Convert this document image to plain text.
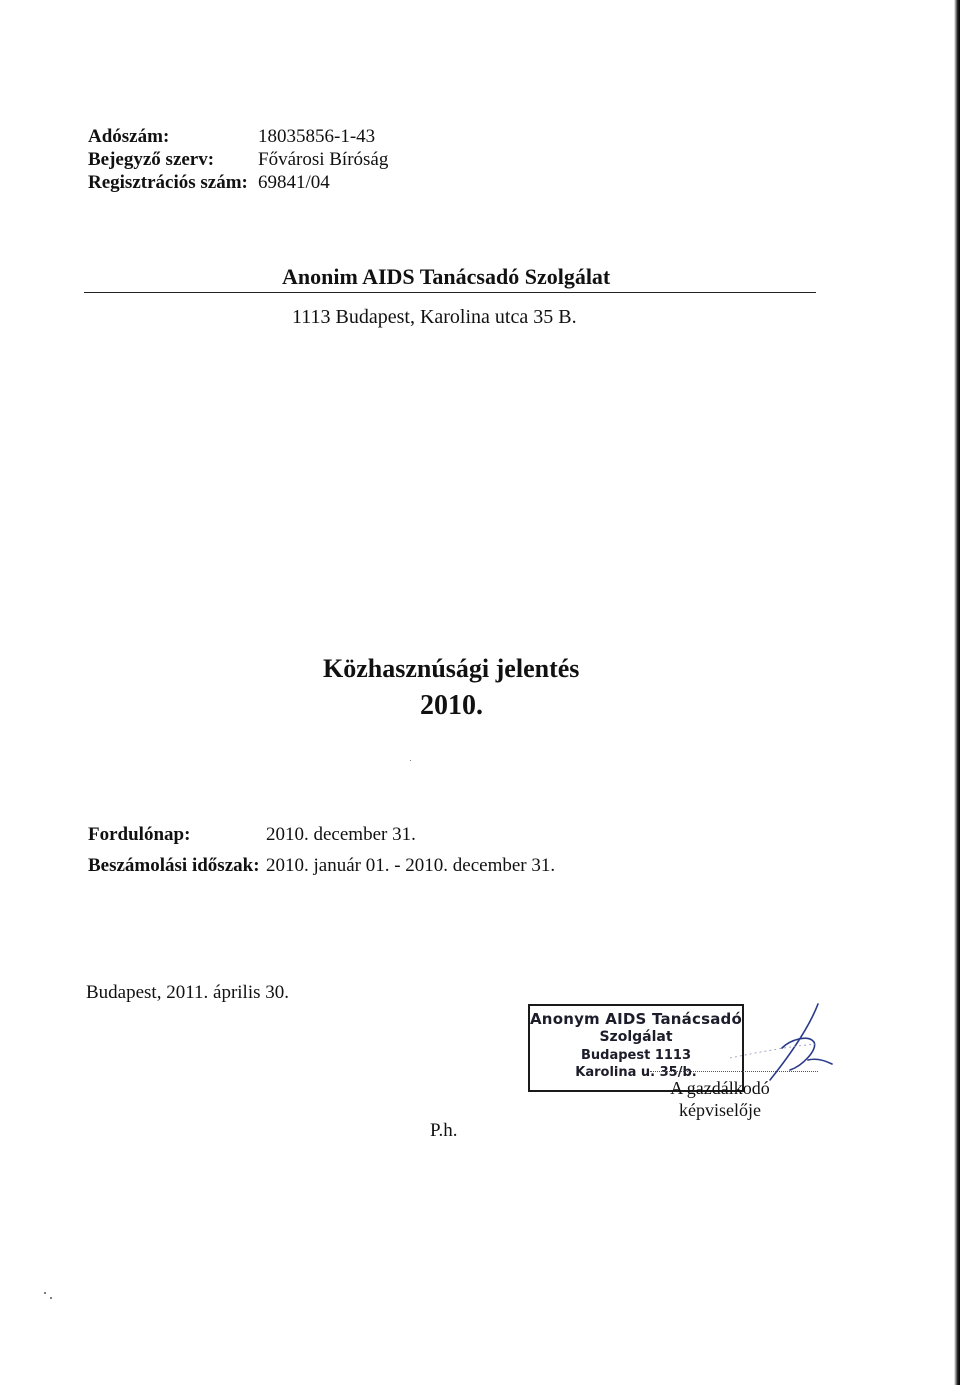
Adószám:	18035856-1-43
Bejegyző szerv: Fővárosi Bíróság
Regisztrációs szám: 69841/04
Anonim AIDS Tanácsadó Szolgálat
1113 Budapest, Karolina utca 35 B.
Közhasznúsági jelentés
2010.
Fordulónap:	2010. december 31.
Beszámolási időszak: 2010. január 01. - 2010. december 31.
Budapest, 2011. április 30.
Anonym AIDS Tanácsadó
Szolgálat
Budapest 1113
Karolina u. 35/b.
A gazdálkodó
képviselője
P.h.
